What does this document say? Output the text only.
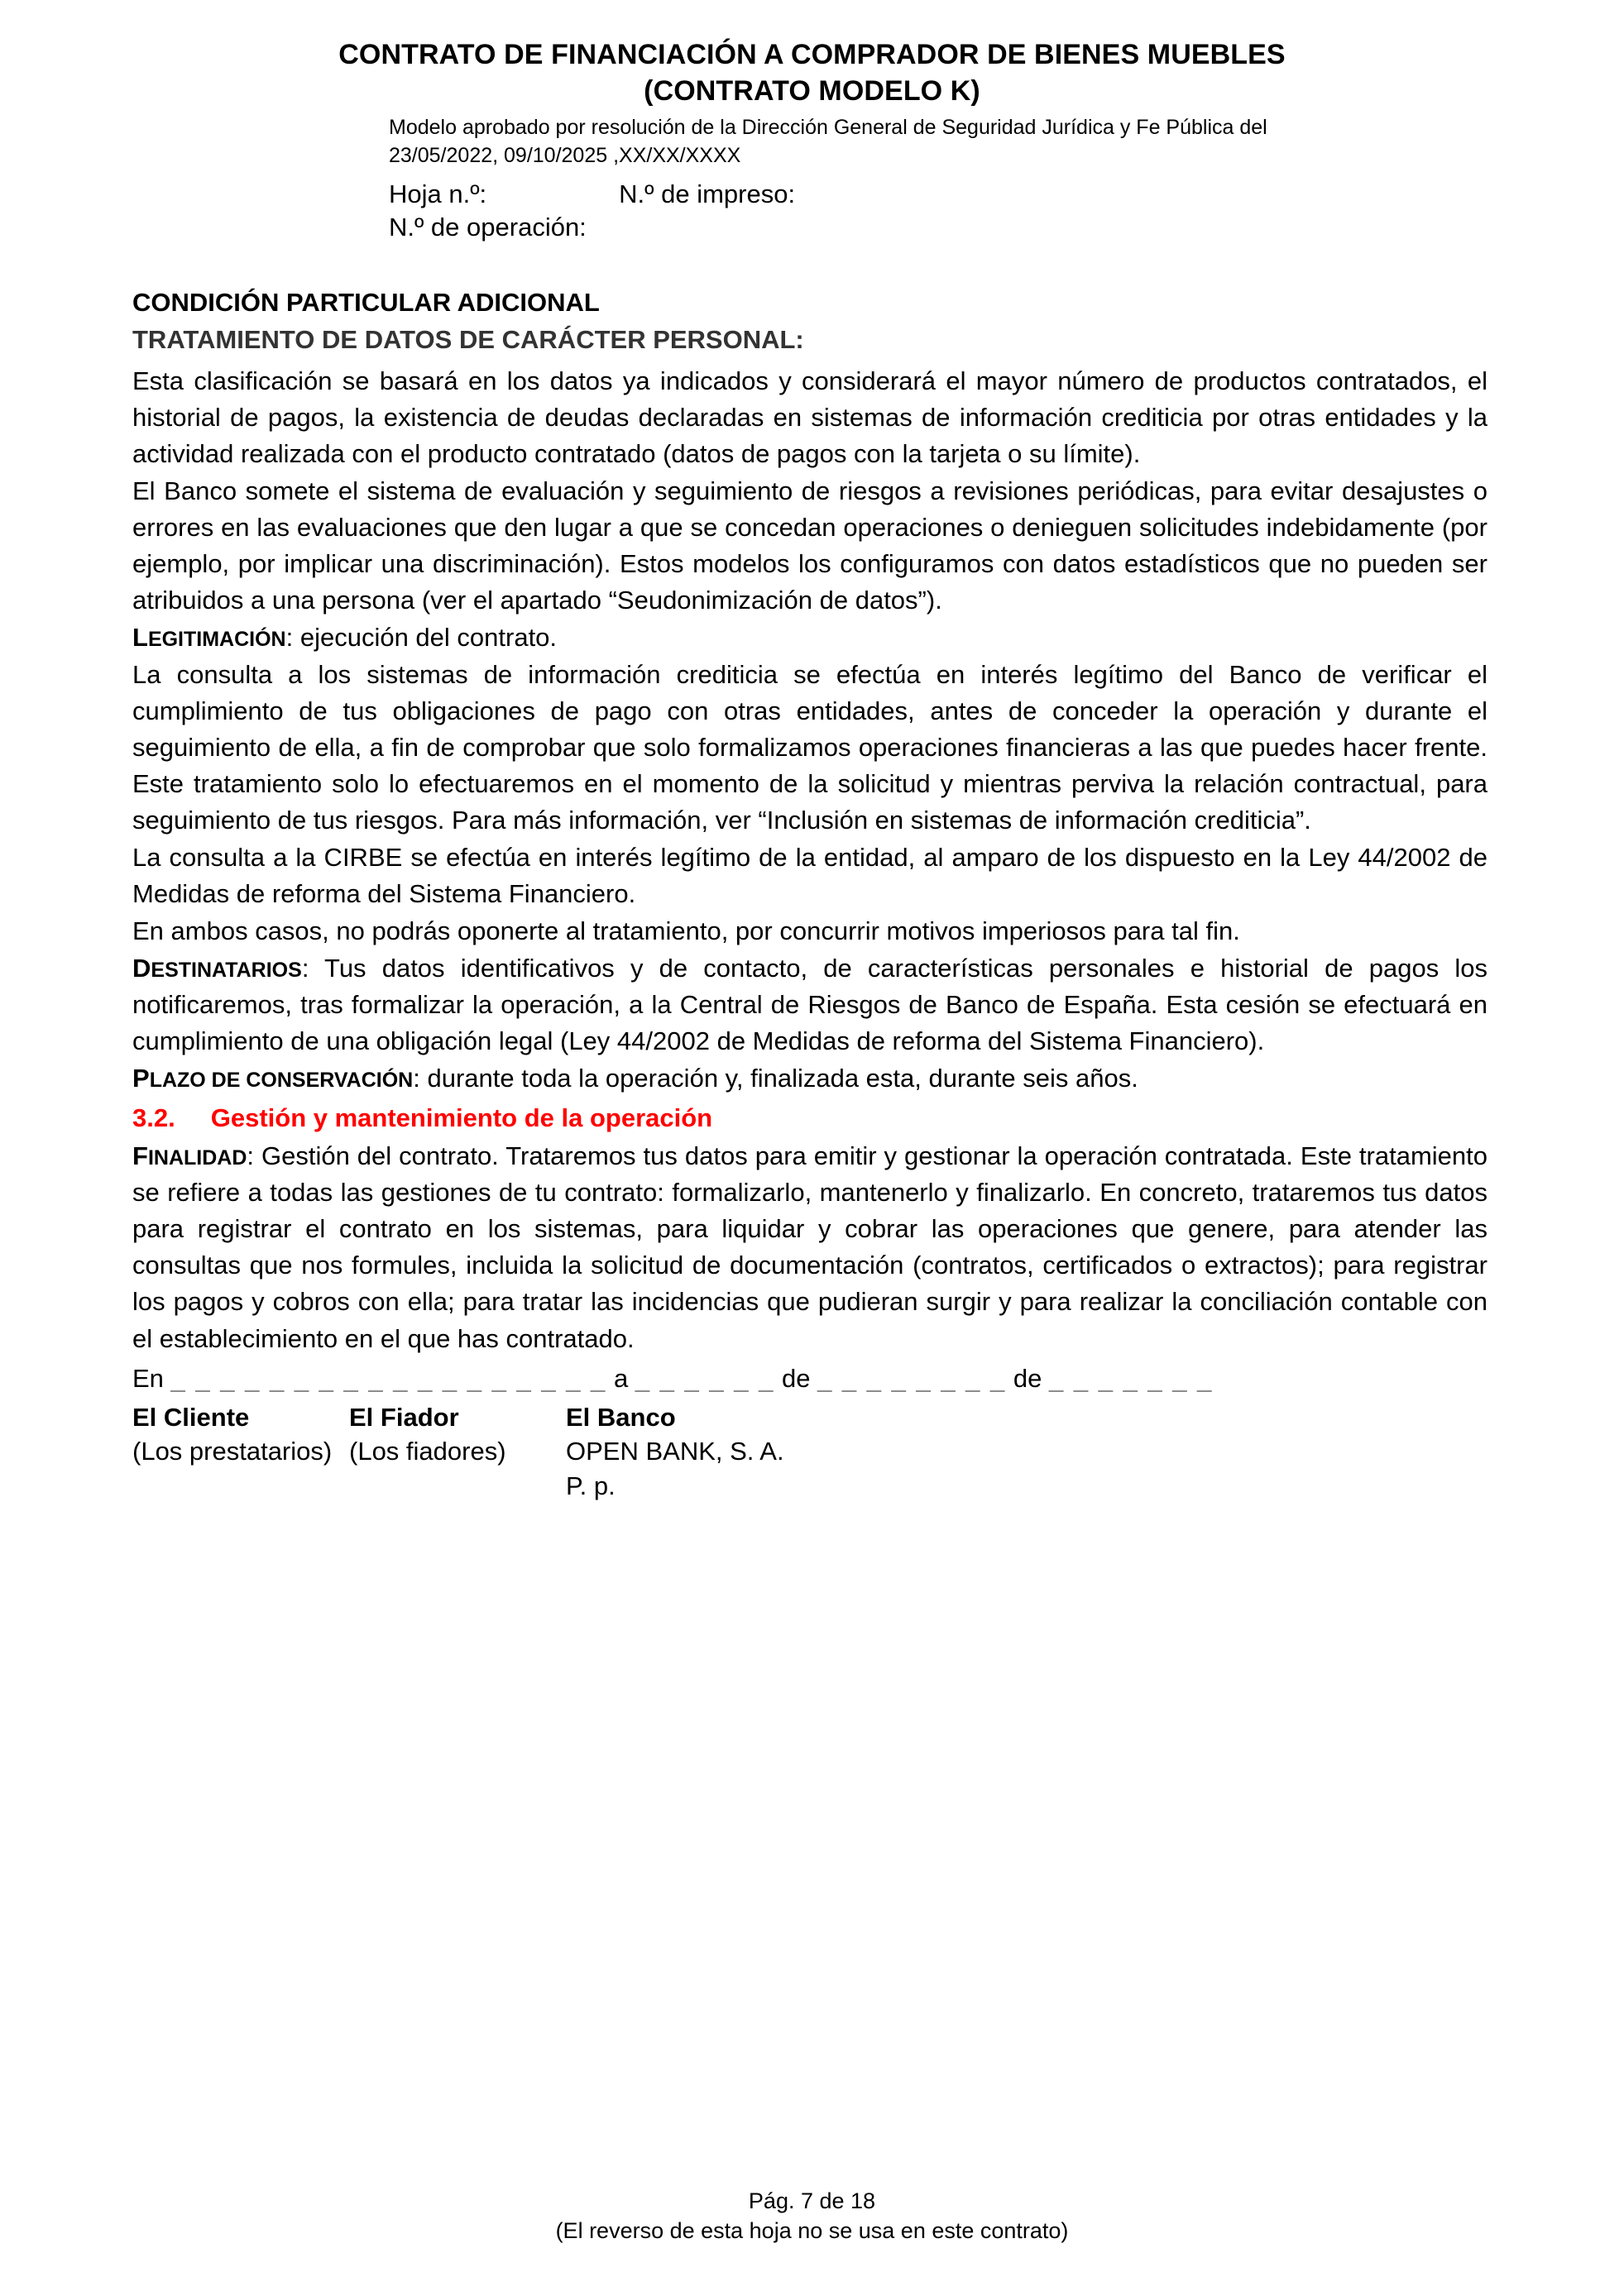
CONTRATO DE FINANCIACIÓN A COMPRADOR DE BIENES MUEBLES
(CONTRATO MODELO K)
Modelo aprobado por resolución de la Dirección General de Seguridad Jurídica y Fe Pública del
23/05/2022, 09/10/2025 ,XX/XX/XXXX
Hoja n.º:	N.º de impreso:
N.º de operación:
CONDICIÓN PARTICULAR ADICIONAL
TRATAMIENTO DE DATOS DE CARÁCTER PERSONAL:

Esta clasificación se basará en los datos ya indicados y considerará el mayor número de productos contratados, el historial de pagos, la existencia de deudas declaradas en sistemas de información crediticia por otras entidades y la actividad realizada con el producto contratado (datos de pagos con la tarjeta o su límite).

El Banco somete el sistema de evaluación y seguimiento de riesgos a revisiones periódicas, para evitar desajustes o errores en las evaluaciones que den lugar a que se concedan operaciones o denieguen solicitudes indebidamente (por ejemplo, por implicar una discriminación). Estos modelos los configuramos con datos estadísticos que no pueden ser atribuidos a una persona (ver el apartado “Seudonimización de datos”).

LEGITIMACIÓN: ejecución del contrato.

La consulta a los sistemas de información crediticia se efectúa en interés legítimo del Banco de verificar el cumplimiento de tus obligaciones de pago con otras entidades, antes de conceder la operación y durante el seguimiento de ella, a fin de comprobar que solo formalizamos operaciones financieras a las que puedes hacer frente. Este tratamiento solo lo efectuaremos en el momento de la solicitud y mientras perviva la relación contractual, para seguimiento de tus riesgos. Para más información, ver “Inclusión en sistemas de información crediticia”.

La consulta a la CIRBE se efectúa en interés legítimo de la entidad, al amparo de los dispuesto en la Ley 44/2002 de Medidas de reforma del Sistema Financiero.

En ambos casos, no podrás oponerte al tratamiento, por concurrir motivos imperiosos para tal fin.

DESTINATARIOS: Tus datos identificativos y de contacto, de características personales e historial de pagos los notificaremos, tras formalizar la operación, a la Central de Riesgos de Banco de España. Esta cesión se efectuará en cumplimiento de una obligación legal (Ley 44/2002 de Medidas de reforma del Sistema Financiero).

PLAZO DE CONSERVACIÓN: durante toda la operación y, finalizada esta, durante seis años.

3.2.	Gestión y mantenimiento de la operación

FINALIDAD: Gestión del contrato. Trataremos tus datos para emitir y gestionar la operación contratada. Este tratamiento se refiere a todas las gestiones de tu contrato: formalizarlo, mantenerlo y finalizarlo. En concreto, trataremos tus datos para registrar el contrato en los sistemas, para liquidar y cobrar las operaciones que genere, para atender las consultas que nos formules, incluida la solicitud de documentación (contratos, certificados o extractos); para registrar los pagos y cobros con ella; para tratar las incidencias que pudieran surgir y para realizar la conciliación contable con el establecimiento en el que has contratado.

En _ _ _ _ _ _ _ _ _ _ _ _ _ _ _ _ _ _ a _ _ _ _ _ _ de _ _ _ _ _ _ _ _ de _ _ _ _ _ _ _
El Cliente
(Los prestatarios)
El Fiador
(Los fiadores)
El Banco
OPEN BANK, S. A.
P. p.
Pág. 7 de 18
(El reverso de esta hoja no se usa en este contrato)
